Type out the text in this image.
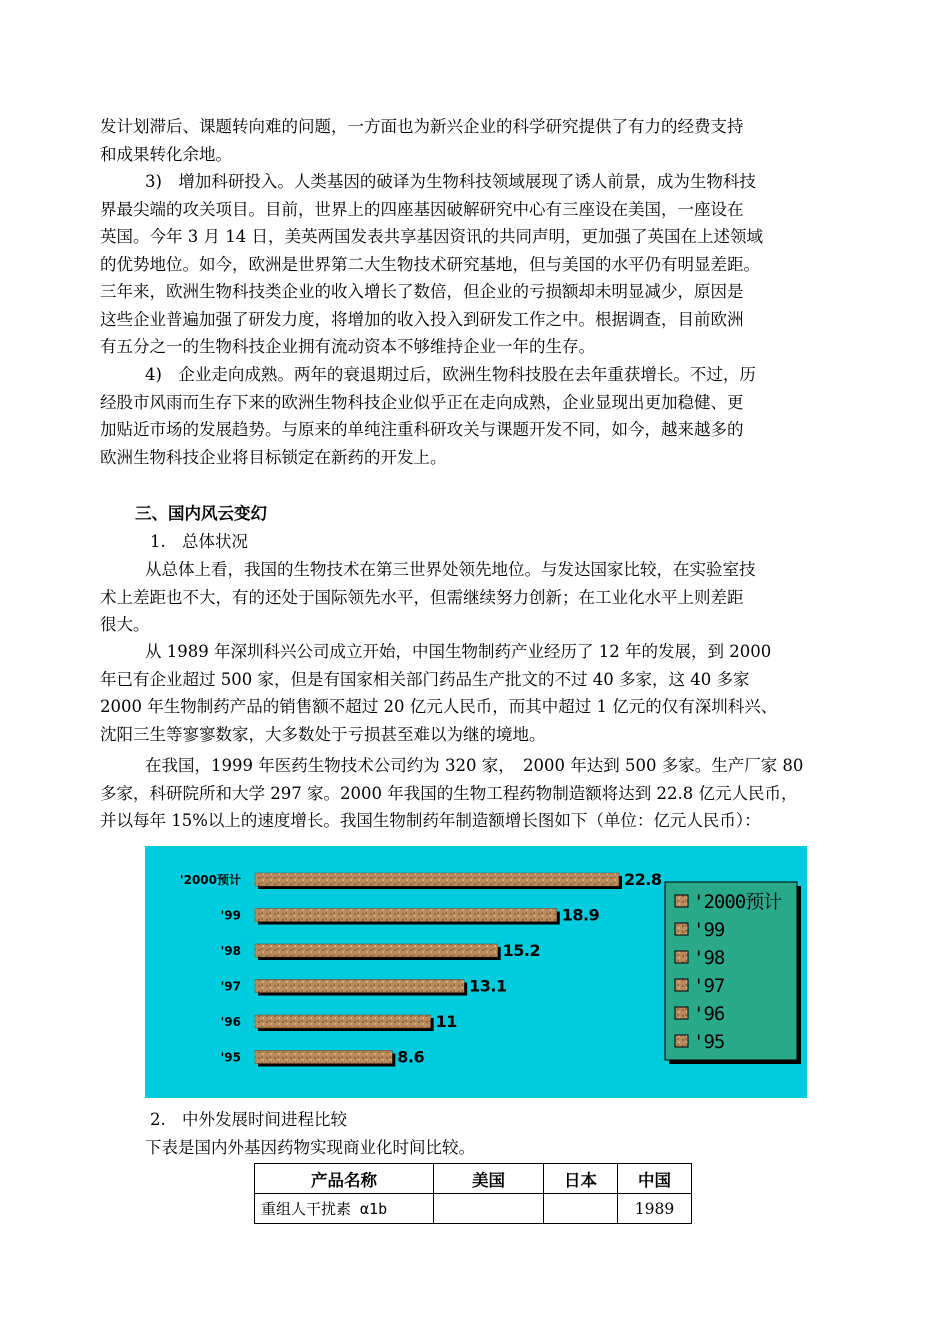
发计划滞后、课题转向难的问题，一方面也为新兴企业的科学研究提供了有力的经费支持
和成果转化余地。

3)　增加科研投入。人类基因的破译为生物科技领域展现了诱人前景，成为生物科技
界最尖端的攻关项目。目前，世界上的四座基因破解研究中心有三座设在美国，一座设在
英国。今年 3 月 14 日，美英两国发表共享基因资讯的共同声明，更加强了英国在上述领域
的优势地位。如今，欧洲是世界第二大生物技术研究基地，但与美国的水平仍有明显差距。
三年来，欧洲生物科技类企业的收入增长了数倍，但企业的亏损额却未明显减少，原因是
这些企业普遍加强了研发力度，将增加的收入投入到研发工作之中。根据调查，目前欧洲
有五分之一的生物科技企业拥有流动资本不够维持企业一年的生存。

4)　企业走向成熟。两年的衰退期过后，欧洲生物科技股在去年重获增长。不过，历
经股市风雨而生存下来的欧洲生物科技企业似乎正在走向成熟，企业显现出更加稳健、更
加贴近市场的发展趋势。与原来的单纯注重科研攻关与课题开发不同，如今，越来越多的
欧洲生物科技企业将目标锁定在新药的开发上。

三、国内风云变幻

1. 总体状况

从总体上看，我国的生物技术在第三世界处领先地位。与发达国家比较，在实验室技
术上差距也不大，有的还处于国际领先水平，但需继续努力创新；在工业化水平上则差距
很大。

从 1989 年深圳科兴公司成立开始，中国生物制药产业经历了 12 年的发展，到 2000
年已有企业超过 500 家，但是有国家相关部门药品生产批文的不过 40 多家，这 40 多家
2000 年生物制药产品的销售额不超过 20 亿元人民币，而其中超过 1 亿元的仅有深圳科兴、
沈阳三生等寥寥数家，大多数处于亏损甚至难以为继的境地。

在我国，1999 年医药生物技术公司约为 320 家，　2000 年达到 500 多家。生产厂家 80
多家，科研院所和大学 297 家。2000 年我国的生物工程药物制造额将达到 22.8 亿元人民币，
并以每年 15%以上的速度增长。我国生物制药年制造额增长图如下（单位：亿元人民币）：

'2000预计	22.8
'99	18.9
'98	15.2
'97	13.1
'96	11
'95	8.6
'2000预计
'99
'98
'97
'96
'95

2. 中外发展时间进程比较

下表是国内外基因药物实现商业化时间比较。

产品名称	美国	日本	中国
重组人干扰素 α1b			1989
